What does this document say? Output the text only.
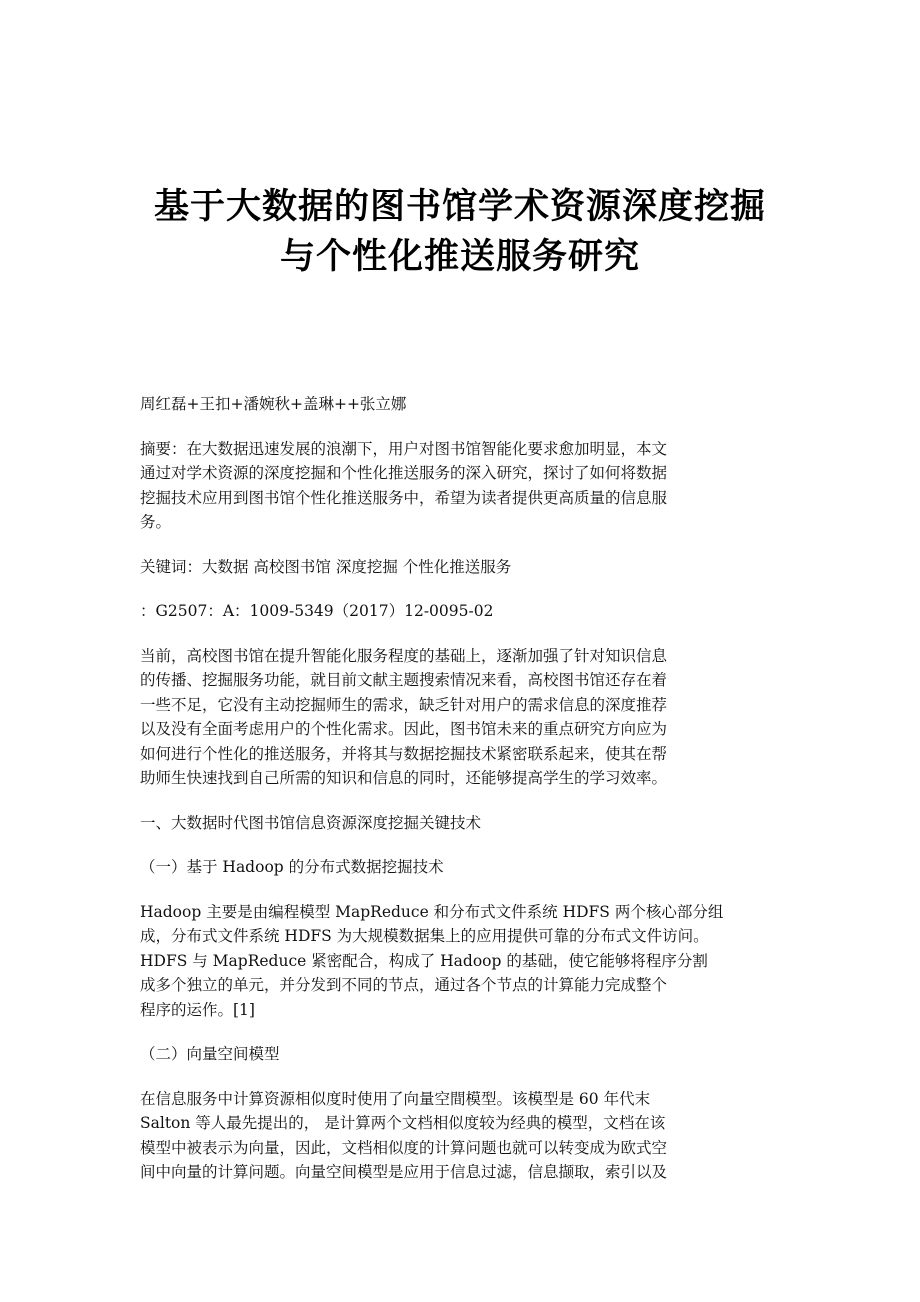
基于大数据的图书馆学术资源深度挖掘
与个性化推送服务研究

周红磊+王扣+潘婉秋+盖琳++张立娜

摘要：在大数据迅速发展的浪潮下，用户对图书馆智能化要求愈加明显，本文
通过对学术资源的深度挖掘和个性化推送服务的深入研究，探讨了如何将数据
挖掘技术应用到图书馆个性化推送服务中，希望为读者提供更高质量的信息服
务。

关键词：大数据 高校图书馆 深度挖掘 个性化推送服务

：G2507：A：1009-5349（2017）12-0095-02

当前，高校图书馆在提升智能化服务程度的基础上，逐渐加强了针对知识信息
的传播、挖掘服务功能，就目前文献主题搜索情况来看，高校图书馆还存在着
一些不足，它没有主动挖掘师生的需求，缺乏针对用户的需求信息的深度推荐
以及没有全面考虑用户的个性化需求。因此，图书馆未来的重点研究方向应为
如何进行个性化的推送服务，并将其与数据挖掘技术紧密联系起来，使其在帮
助师生快速找到自己所需的知识和信息的同时，还能够提高学生的学习效率。

一、大数据时代图书馆信息资源深度挖掘关键技术

（一）基于 Hadoop 的分布式数据挖掘技术

Hadoop 主要是由编程模型 MapReduce 和分布式文件系统 HDFS 两个核心部分组
成，分布式文件系统 HDFS 为大规模数据集上的应用提供可靠的分布式文件访问。
HDFS 与 MapReduce 紧密配合，构成了 Hadoop 的基础，使它能够将程序分割
成多个独立的单元，并分发到不同的节点，通过各个节点的计算能力完成整个
程序的运作。[1]

（二）向量空间模型

在信息服务中计算资源相似度时使用了向量空間模型。该模型是 60 年代末
Salton 等人最先提出的， 是计算两个文档相似度较为经典的模型，文档在该
模型中被表示为向量，因此，文档相似度的计算问题也就可以转变成为欧式空
间中向量的计算问题。向量空间模型是应用于信息过滤，信息撷取，索引以及
